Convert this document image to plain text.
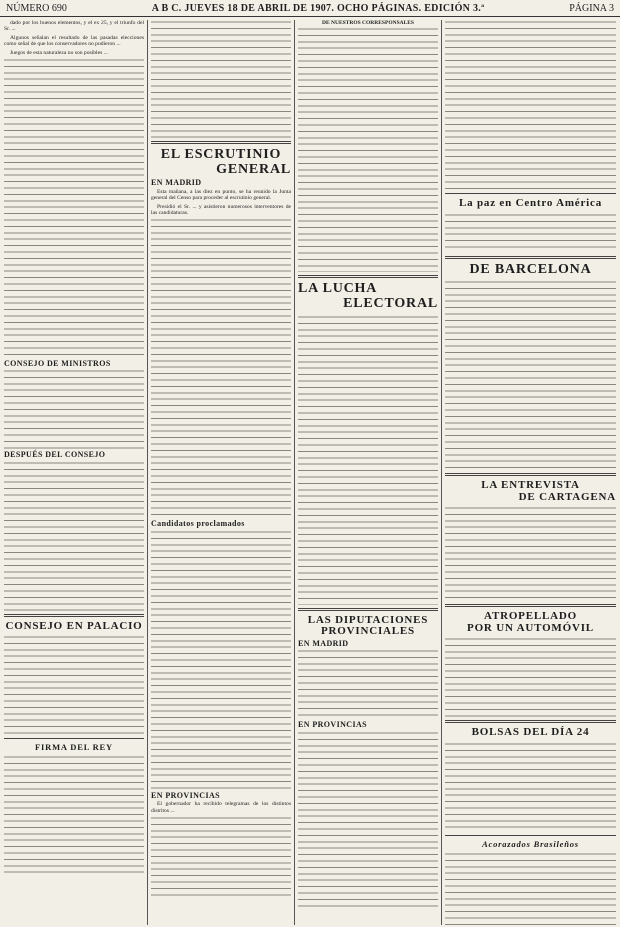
NÚMERO 690	A B C. JUEVES 18 DE ABRIL DE 1907. OCHO PÁGINAS. EDICIÓN 3.ª	PÁGINA 3

dado por los buenos elementos, y el ex 25, y el triunfo del Sr. ...

Algunos señalan el resultado de las pasadas elecciones como señal de que los conservadores no pudieron ...

Juegos de esta naturaleza no son posibles ...

CONSEJO DE MINISTROS
DESPUÉS DEL CONSEJO
CONSEJO EN PALACIO
FIRMA DEL REY
EL ESCRUTINIO
GENERAL
EN MADRID

Esta mañana, a las diez en punto, se ha reunido la Junta general del Censo para proceder al escrutinio general.

Presidió el Sr. ... y asistieron numerosos interventores de las candidaturas.

Candidatos proclamados
EN PROVINCIAS

El gobernador ha recibido telegramas de los distintos distritos ...

DE NUESTROS CORRESPONSALES
LA LUCHA
ELECTORAL
LAS DIPUTACIONES
PROVINCIALES
EN MADRID
EN PROVINCIAS
La paz en Centro América
DE BARCELONA
LA ENTREVISTA
DE CARTAGENA
ATROPELLADO
POR UN AUTOMÓVIL
BOLSAS DEL DÍA 24
Acorazados Brasileños
